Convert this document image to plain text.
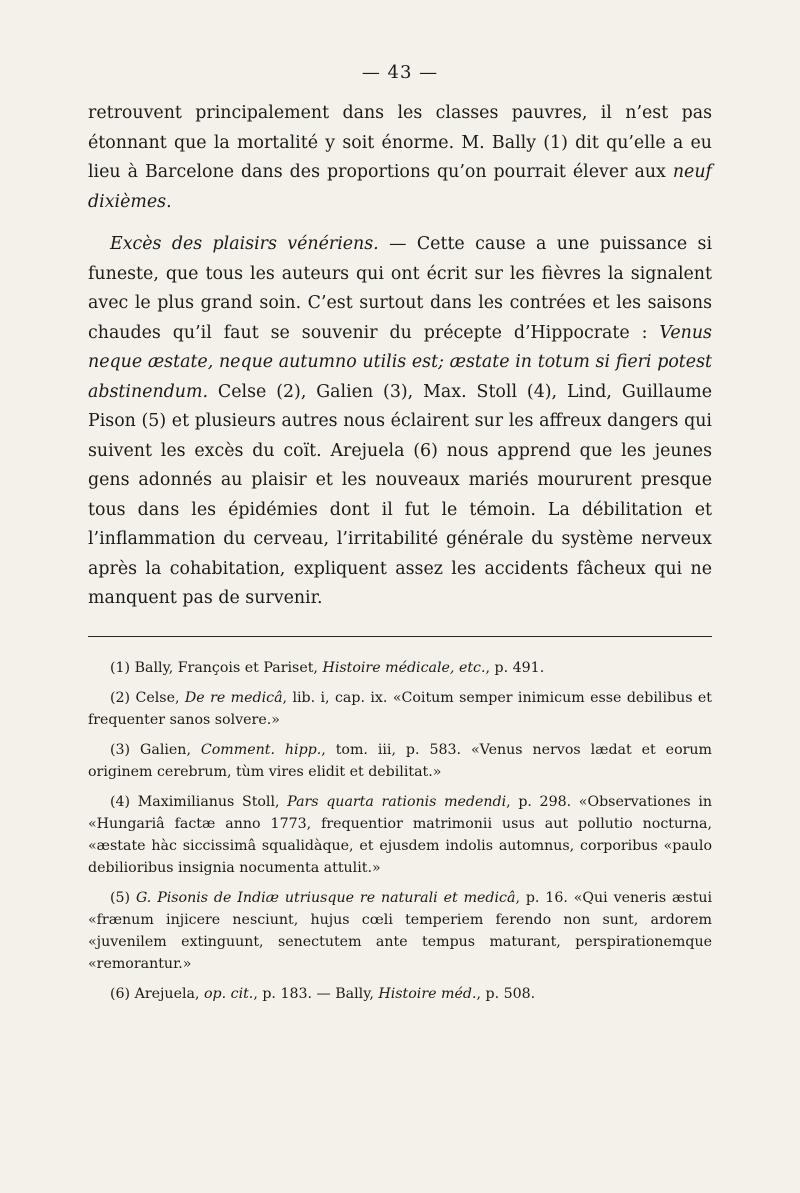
— 43 —

retrouvent principalement dans les classes pauvres, il n’est pas étonnant que la mortalité y soit énorme. M. Bally (1) dit qu’elle a eu lieu à Barcelone dans des proportions qu’on pourrait élever aux neuf dixièmes.

Excès des plaisirs vénériens. — Cette cause a une puissance si funeste, que tous les auteurs qui ont écrit sur les fièvres la signalent avec le plus grand soin. C’est surtout dans les contrées et les saisons chaudes qu’il faut se souvenir du précepte d’Hippocrate : Venus neque æstate, neque autumno utilis est; æstate in totum si fieri potest abstinendum. Celse (2), Galien (3), Max. Stoll (4), Lind, Guillaume Pison (5) et plusieurs autres nous éclairent sur les affreux dangers qui suivent les excès du coït. Arejuela (6) nous apprend que les jeunes gens adonnés au plaisir et les nouveaux mariés moururent presque tous dans les épidémies dont il fut le témoin. La débilitation et l’inflammation du cerveau, l’irritabilité générale du système nerveux après la cohabitation, expliquent assez les accidents fâcheux qui ne manquent pas de survenir.

(1) Bally, François et Pariset, Histoire médicale, etc., p. 491.

(2) Celse, De re medicâ, lib. i, cap. ix. «Coitum semper inimicum esse debilibus et frequenter sanos solvere.»

(3) Galien, Comment. hipp., tom. iii, p. 583. «Venus nervos lædat et eorum originem cerebrum, tùm vires elidit et debilitat.»

(4) Maximilianus Stoll, Pars quarta rationis medendi, p. 298. «Observationes in «Hungariâ factæ anno 1773, frequentior matrimonii usus aut pollutio nocturna, «æstate hàc siccissimâ squalidàque, et ejusdem indolis automnus, corporibus «paulo debilioribus insignia nocumenta attulit.»

(5) G. Pisonis de Indiæ utriusque re naturali et medicâ, p. 16. «Qui veneris æstui «frænum injicere nesciunt, hujus cœli temperiem ferendo non sunt, ardorem «juvenilem extinguunt, senectutem ante tempus maturant, perspirationemque «remorantur.»

(6) Arejuela, op. cit., p. 183. — Bally, Histoire méd., p. 508.
